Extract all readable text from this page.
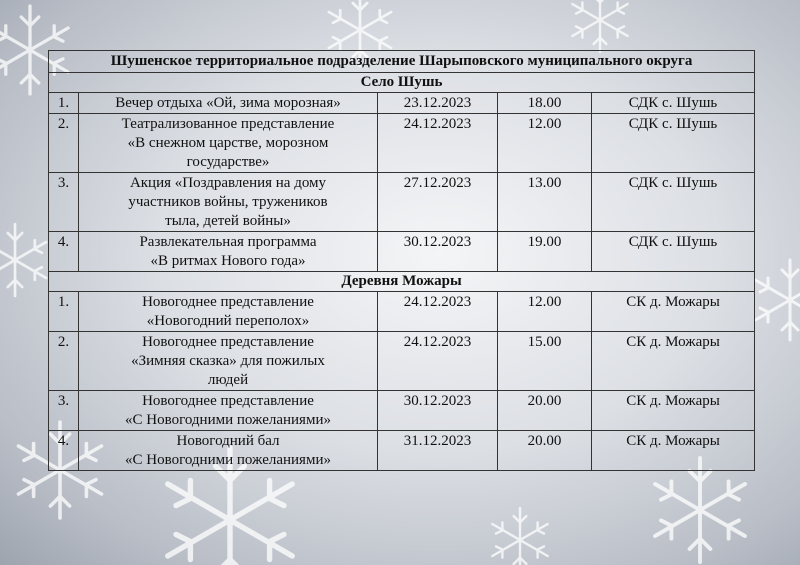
Шушенское территориальное подразделение Шарыповского муниципального округа				
Село Шушь				
1.	Вечер отдыха «Ой, зима морозная»	23.12.2023	18.00	СДК с. Шушь
2.	Театрализованное представление
«В снежном царстве, морозном
государстве»	24.12.2023	12.00	СДК с. Шушь
3.	Акция «Поздравления на дому
участников войны, тружеников
тыла, детей войны»	27.12.2023	13.00	СДК с. Шушь
4.	Развлекательная программа
«В ритмах Нового года»	30.12.2023	19.00	СДК с. Шушь
Деревня Можары				
1.	Новогоднее представление
«Новогодний переполох»	24.12.2023	12.00	СК д. Можары
2.	Новогоднее представление
«Зимняя сказка» для пожилых
людей	24.12.2023	15.00	СК д. Можары
3.	Новогоднее представление
«С Новогодними пожеланиями»	30.12.2023	20.00	СК д. Можары
4.	Новогодний бал
«С Новогодними пожеланиями»	31.12.2023	20.00	СК д. Можары
